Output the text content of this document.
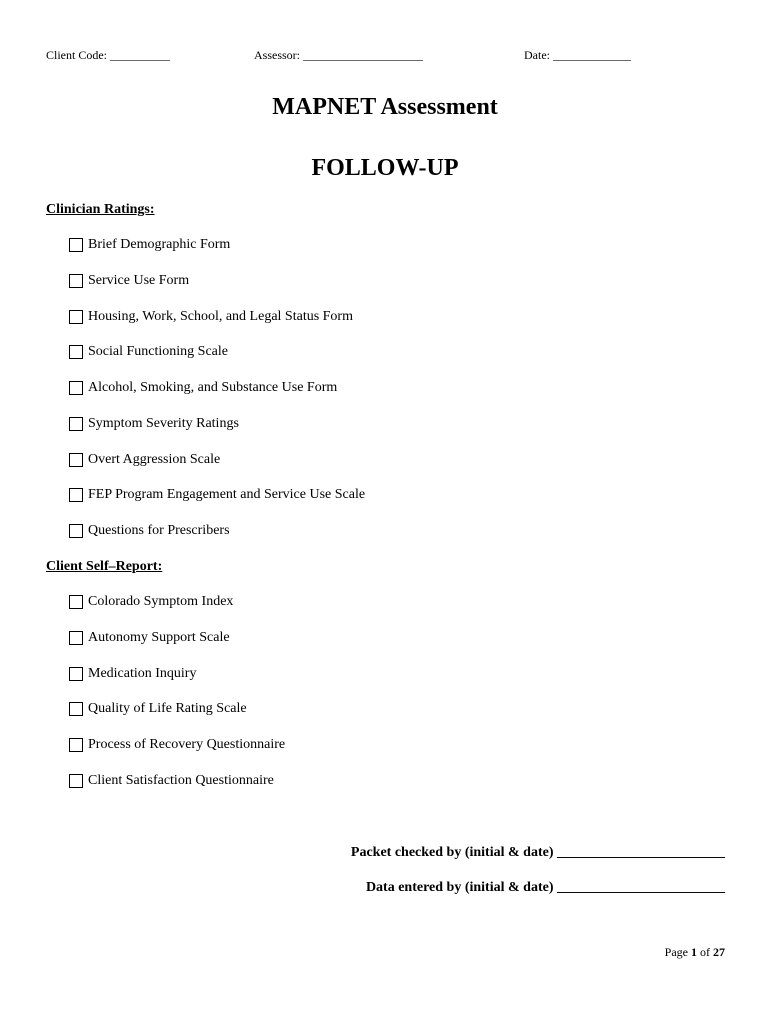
Client Code: __________	Assessor: ____________________	Date: _____________
MAPNET Assessment
FOLLOW-UP
Clinician Ratings:
Brief Demographic Form
Service Use Form
Housing, Work, School, and Legal Status Form
Social Functioning Scale
Alcohol, Smoking, and Substance Use Form
Symptom Severity Ratings
Overt Aggression Scale
FEP Program Engagement and Service Use Scale
Questions for Prescribers
Client Self–Report:
Colorado Symptom Index
Autonomy Support Scale
Medication Inquiry
Quality of Life Rating Scale
Process of Recovery Questionnaire
Client Satisfaction Questionnaire
Packet checked by (initial & date) ________________________
Data entered by (initial & date) ________________________
Page 1 of 27
